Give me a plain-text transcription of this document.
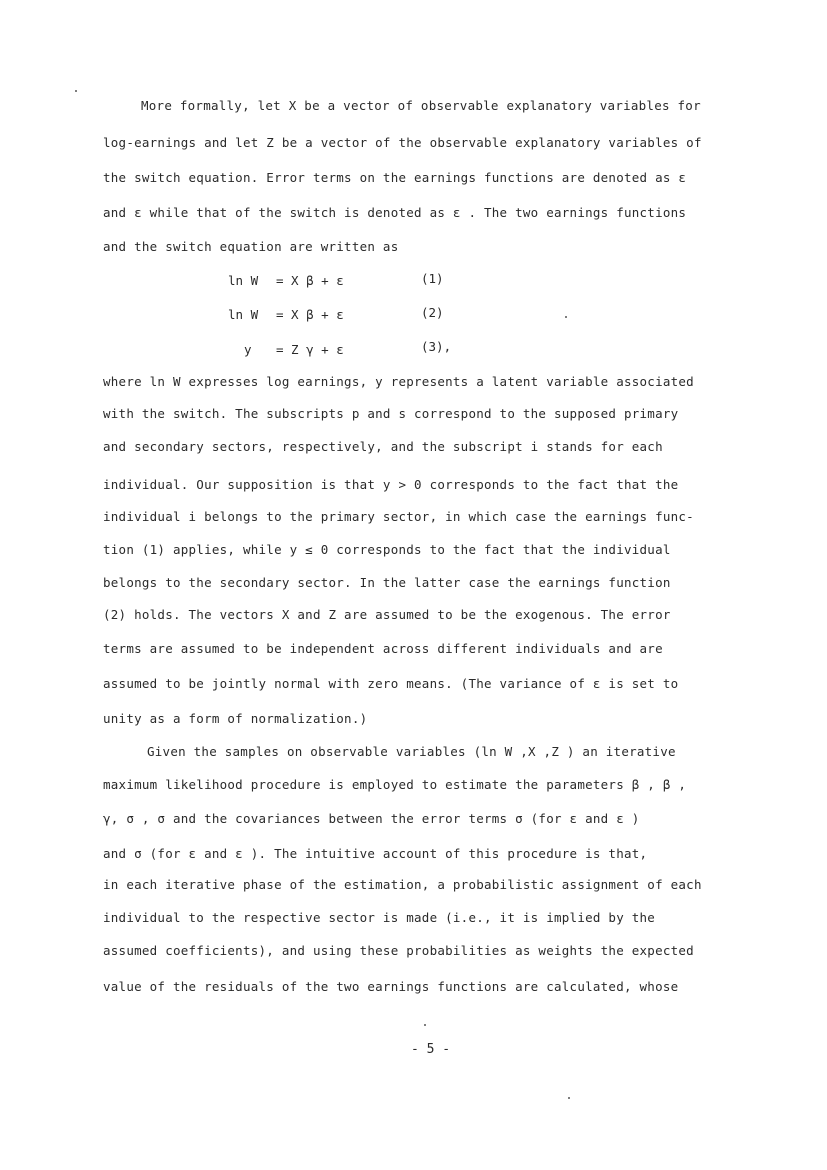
More formally, let X be a vector of observable explanatory variables for
log-earnings and let Z be a vector of the observable explanatory variables of
the switch equation. Error terms on the earnings functions are denoted as ε
and ε while that of the switch is denoted as ε . The two earnings functions
and the switch equation are written as
ln W = X β + ε	(1)
ln W = X β + ε	(2)
y = Z γ + ε	(3),
where ln W expresses log earnings, y represents a latent variable associated
with the switch. The subscripts p and s correspond to the supposed primary
and secondary sectors, respectively, and the subscript i stands for each
individual. Our supposition is that y > 0 corresponds to the fact that the
individual i belongs to the primary sector, in which case the earnings func-
tion (1) applies, while y ≤ 0 corresponds to the fact that the individual
belongs to the secondary sector. In the latter case the earnings function
(2) holds. The vectors X and Z are assumed to be the exogenous. The error
terms are assumed to be independent across different individuals and are
assumed to be jointly normal with zero means. (The variance of ε is set to
unity as a form of normalization.)
Given the samples on observable variables (ln W ,X ,Z ) an iterative
maximum likelihood procedure is employed to estimate the parameters β , β ,
γ, σ , σ and the covariances between the error terms σ (for ε and ε )
and σ (for ε and ε ). The intuitive account of this procedure is that,
in each iterative phase of the estimation, a probabilistic assignment of each
individual to the respective sector is made (i.e., it is implied by the
assumed coefficients), and using these probabilities as weights the expected
value of the residuals of the two earnings functions are calculated, whose
- 5 -
